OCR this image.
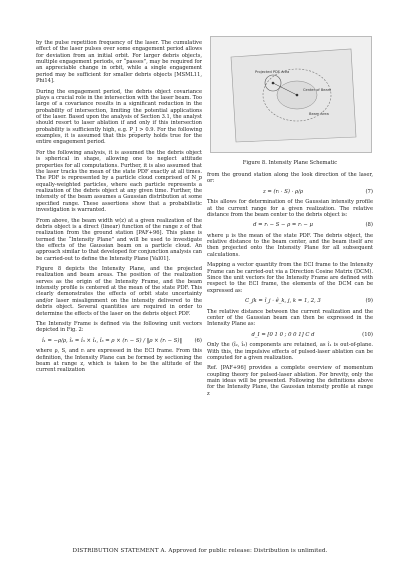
by the pulse repetition frequency of the laser. The cumulative effect of the laser pulses over some engagement period allows for deviation from an initial orbit. For larger debris objects, multiple engagement periods, or “passes”, may be required for an appreciable change in orbit, while a single engagement period may be sufficient for smaller debris objects [MSML11, Phi14].

During the engagement period, the debris object covariance plays a crucial role in the intersection with the laser beam. Too large of a covariance results in a significant reduction in the probability of intersection, limiting the potential applications of the laser. Based upon the analysis of Section 3.1, the analyst should resort to laser ablation if and only if this intersection probability is sufficiently high, e.g. P_I > 0.9. For the following examples, it is assumed that this property holds true for the entire engagement period.

For the following analysis, it is assumed the the debris object is spherical in shape, allowing one to neglect attitude properties for all computations. Further, it is also assumed that the laser tracks the mean of the state PDF exactly at all times. The PDF is represented by a particle cloud comprised of N_p equally-weighted particles, where each particle represents a realization of the debris object at any given time. Further, the intensity of the beam assumes a Gaussian distribution at some specified range. These assertions show that a probabilistic investigation is warranted.

From above, the beam width w(z) at a given realization of the debris object is a direct (linear) function of the range z of that realization from the ground station [PAF+96]. This plane is termed the “Intensity Plane” and will be used to investigate the effects of the Gaussian beam on a particle cloud. An approach similar to that developed for conjunction analysis can be carried-out to define the Intensity Plane [Val01].

Figure 8 depicts the Intensity Plane, and the projected realization and beam areas. The position of the realization serves as the origin of the Intensity Frame, and the beam intensity profile is centered at the mean of the state PDF. This clearly demonstrates the effects of orbit state uncertainty and/or laser misalignment on the intensity delivered to the debris object. Several quantities are required in order to determine the effects of the laser on the debris object PDF.

The Intensity Frame is defined via the following unit vectors depicted in Fig. 2:

î₁ = −ρ/ρ, î₂ = î₃ × î₁, î₃ = ρ × (rᵢ − S) / ‖ρ × (rᵢ − S)‖	(6)

where ρ, S, and rᵢ are expressed in the ECI frame. From this definition, the Intensity Plane can be formed by sectioning the beam at range z, which is taken to be the altitude of the current realization

Projected PDF Area
Center of Beam
Beam Area
Figure 8. Intensity Plane Schematic

from the ground station along the look direction of the laser, or:

z = (rᵢ · S) · ρ/ρ	(7)

This allows for determination of the Gaussian intensity profile at the current range for a given realization. The relative distance from the beam center to the debris object is:

d = rᵢ − S − ρ = rᵢ − μ	(8)

where μ is the mean of the state PDF. The debris object, the relative distance to the beam center, and the beam itself are then projected onto the Intensity Plane for all subsequent calculations.

Mapping a vector quantity from the ECI frame to the Intensity Frame can be carried-out via a Direction Cosine Matrix (DCM). Since the unit vectors for the Intensity Frame are defined with respect to the ECI frame, the elements of the DCM can be expressed as:

C_jk = î_j · ê_k, j, k = 1, 2, 3	(9)

The relative distance between the current realization and the center of the Gaussian beam can then be expressed in the Intensity Plane as:

d_I = [0 1 0 ; 0 0 1] C d	(10)

Only the (î₂, î₃) components are retained, as î₁ is out-of-plane. With this, the impulsive effects of pulsed-laser ablation can be computed for a given realization.

Ref. [PAF+96] provides a complete overview of momentum coupling theory for pulsed-laser ablation. For brevity, only the main ideas will be presented. Following the definitions above for the Intensity Plane, the Gaussian intensity profile at range z

DISTRIBUTION STATEMENT A. Approved for public release: Distribution is unlimited.
